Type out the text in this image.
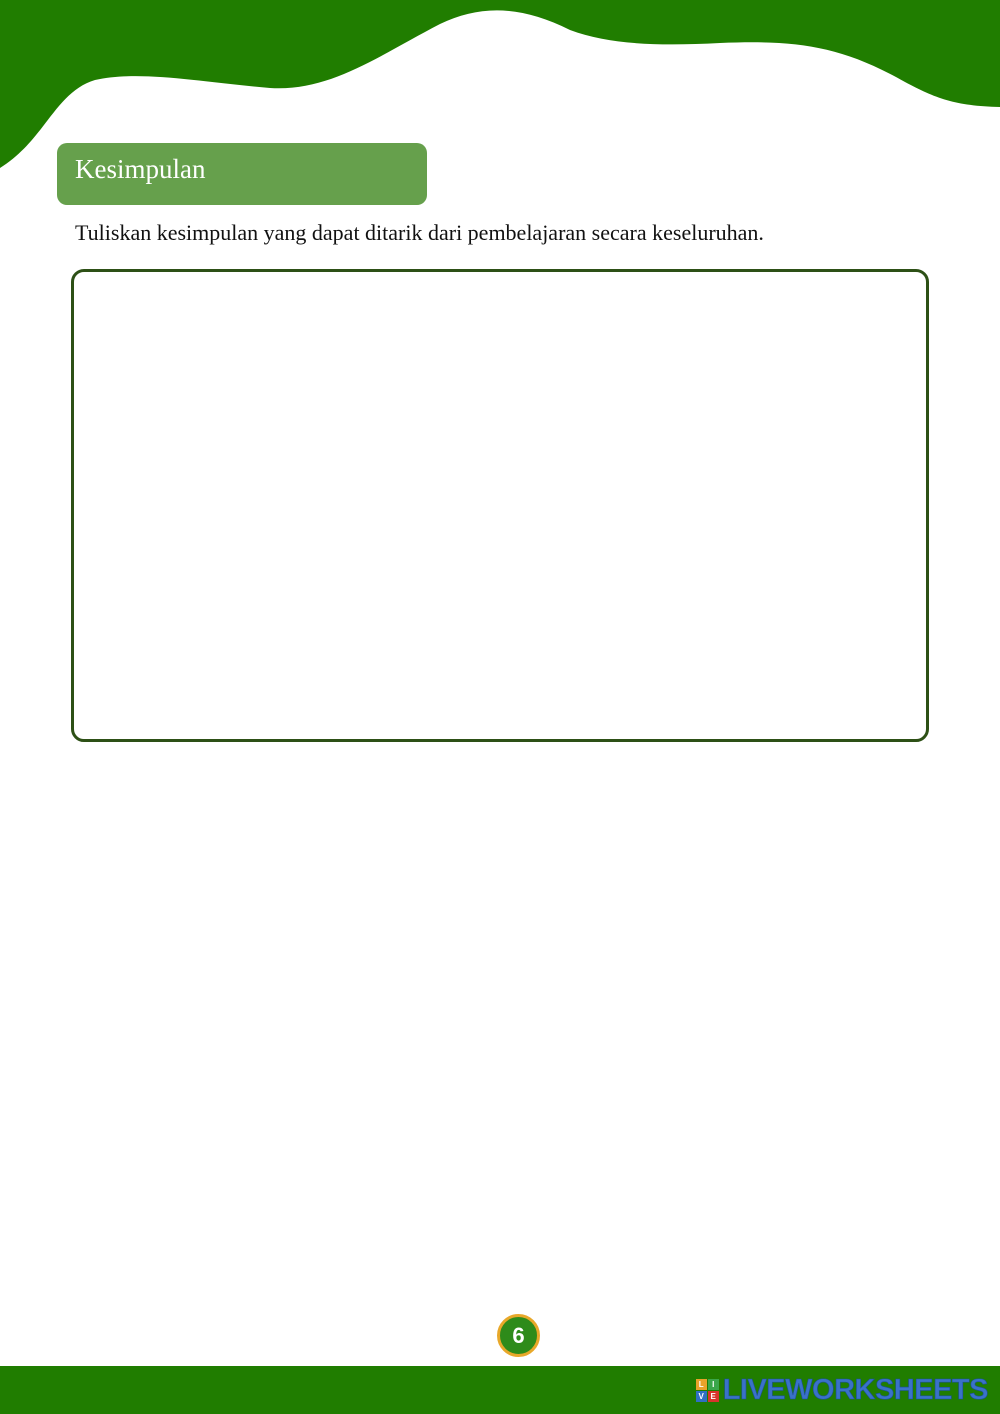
Kesimpulan
Tuliskan kesimpulan yang dapat ditarik dari pembelajaran secara keseluruhan.
6
L	I
V E LIVEWORKSHEETS
